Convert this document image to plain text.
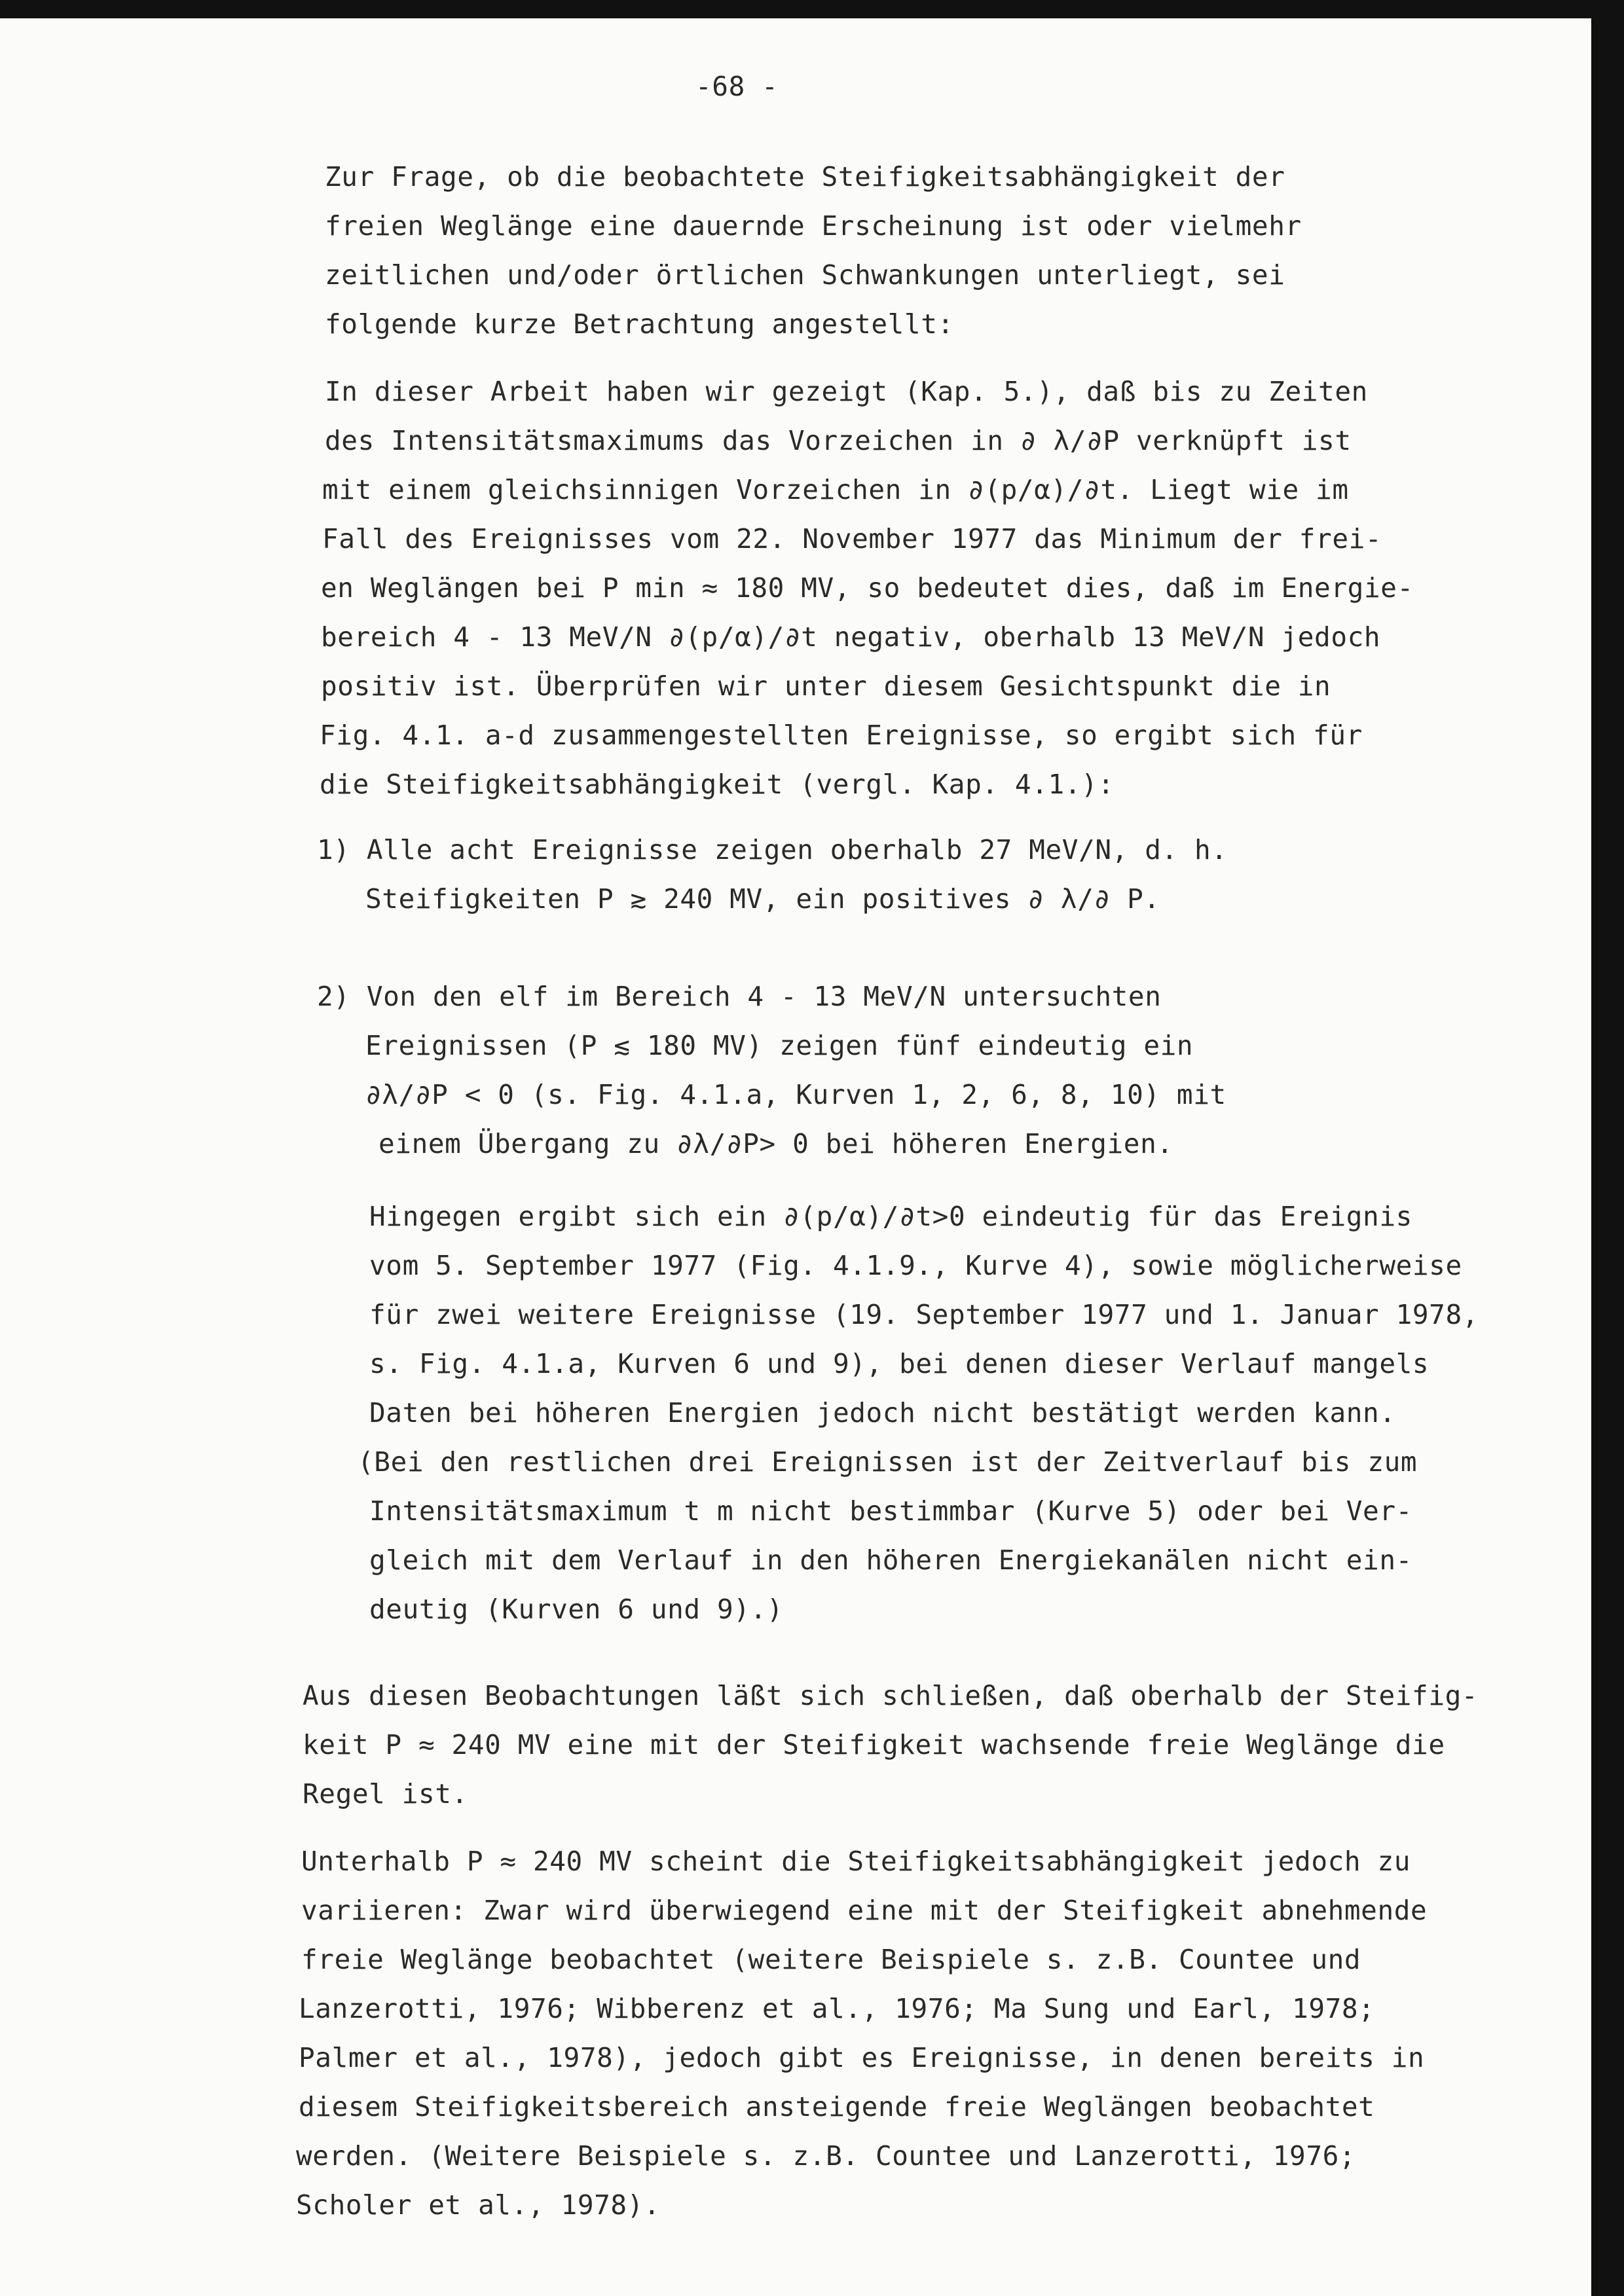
-68 -
Zur Frage, ob die beobachtete Steifigkeitsabhängigkeit der
freien Weglänge eine dauernde Erscheinung ist oder vielmehr
zeitlichen und/oder örtlichen Schwankungen unterliegt, sei
folgende kurze Betrachtung angestellt:
In dieser Arbeit haben wir gezeigt (Kap. 5.), daß bis zu Zeiten
des Intensitätsmaximums das Vorzeichen in ∂ λ/∂P verknüpft ist
mit einem gleichsinnigen Vorzeichen in ∂(p/α)/∂t. Liegt wie im
Fall des Ereignisses vom 22. November 1977 das Minimum der frei-
en Weglängen bei P min ≈ 180 MV, so bedeutet dies, daß im Energie-
bereich 4 - 13 MeV/N ∂(p/α)/∂t negativ, oberhalb 13 MeV/N jedoch
positiv ist. Überprüfen wir unter diesem Gesichtspunkt die in
Fig. 4.1. a-d zusammengestellten Ereignisse, so ergibt sich für
die Steifigkeitsabhängigkeit (vergl. Kap. 4.1.):
1) Alle acht Ereignisse zeigen oberhalb 27 MeV/N, d. h.
Steifigkeiten P ≳ 240 MV, ein positives ∂ λ/∂ P.
2) Von den elf im Bereich 4 - 13 MeV/N untersuchten
Ereignissen (P ≲ 180 MV) zeigen fünf eindeutig ein
∂λ/∂P < 0 (s. Fig. 4.1.a, Kurven 1, 2, 6, 8, 10) mit
einem Übergang zu ∂λ/∂P> 0 bei höheren Energien.
Hingegen ergibt sich ein ∂(p/α)/∂t>0 eindeutig für das Ereignis
vom 5. September 1977 (Fig. 4.1.9., Kurve 4), sowie möglicherweise
für zwei weitere Ereignisse (19. September 1977 und 1. Januar 1978,
s. Fig. 4.1.a, Kurven 6 und 9), bei denen dieser Verlauf mangels
Daten bei höheren Energien jedoch nicht bestätigt werden kann.
(Bei den restlichen drei Ereignissen ist der Zeitverlauf bis zum
Intensitätsmaximum t m nicht bestimmbar (Kurve 5) oder bei Ver-
gleich mit dem Verlauf in den höheren Energiekanälen nicht ein-
deutig (Kurven 6 und 9).)
Aus diesen Beobachtungen läßt sich schließen, daß oberhalb der Steifig-
keit P ≈ 240 MV eine mit der Steifigkeit wachsende freie Weglänge die
Regel ist.
Unterhalb P ≈ 240 MV scheint die Steifigkeitsabhängigkeit jedoch zu
variieren: Zwar wird überwiegend eine mit der Steifigkeit abnehmende
freie Weglänge beobachtet (weitere Beispiele s. z.B. Countee und
Lanzerotti, 1976; Wibberenz et al., 1976; Ma Sung und Earl, 1978;
Palmer et al., 1978), jedoch gibt es Ereignisse, in denen bereits in
diesem Steifigkeitsbereich ansteigende freie Weglängen beobachtet
werden. (Weitere Beispiele s. z.B. Countee und Lanzerotti, 1976;
Scholer et al., 1978).
